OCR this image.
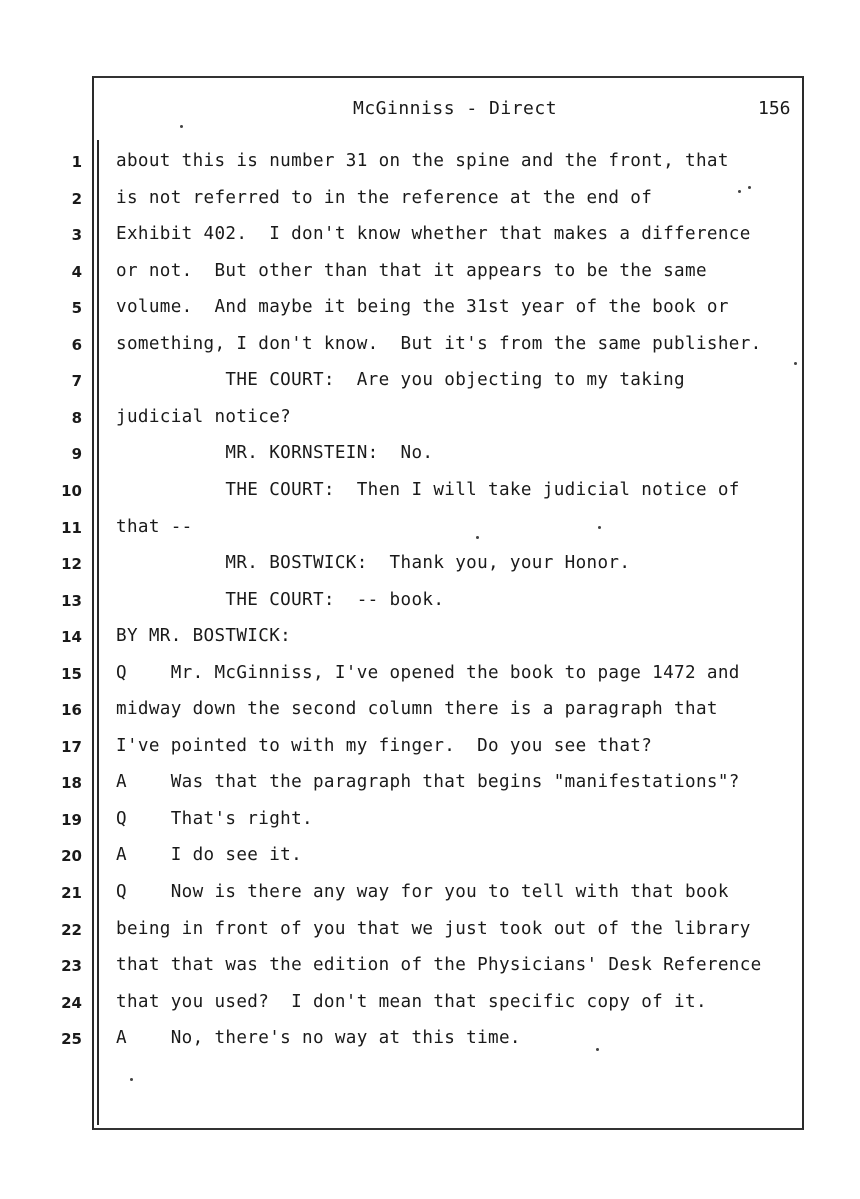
McGinniss - Direct	156
1 about this is number 31 on the spine and the front, that
2 is not referred to in the reference at the end of
3 Exhibit 402.  I don't know whether that makes a difference
4 or not.  But other than that it appears to be the same
5 volume.  And maybe it being the 31st year of the book or
6 something, I don't know.  But it's from the same publisher.
7 THE COURT:  Are you objecting to my taking
8 judicial notice?
9 MR. KORNSTEIN:  No.
10 THE COURT:  Then I will take judicial notice of
11 that --
12 MR. BOSTWICK:  Thank you, your Honor.
13 THE COURT:  -- book.
14 BY MR. BOSTWICK:
15 Q    Mr. McGinniss, I've opened the book to page 1472 and
16 midway down the second column there is a paragraph that
17 I've pointed to with my finger.  Do you see that?
18 A    Was that the paragraph that begins "manifestations"?
19 Q    That's right.
20 A    I do see it.
21 Q    Now is there any way for you to tell with that book
22 being in front of you that we just took out of the library
23 that that was the edition of the Physicians' Desk Reference
24 that you used?  I don't mean that specific copy of it.
25 A    No, there's no way at this time.
